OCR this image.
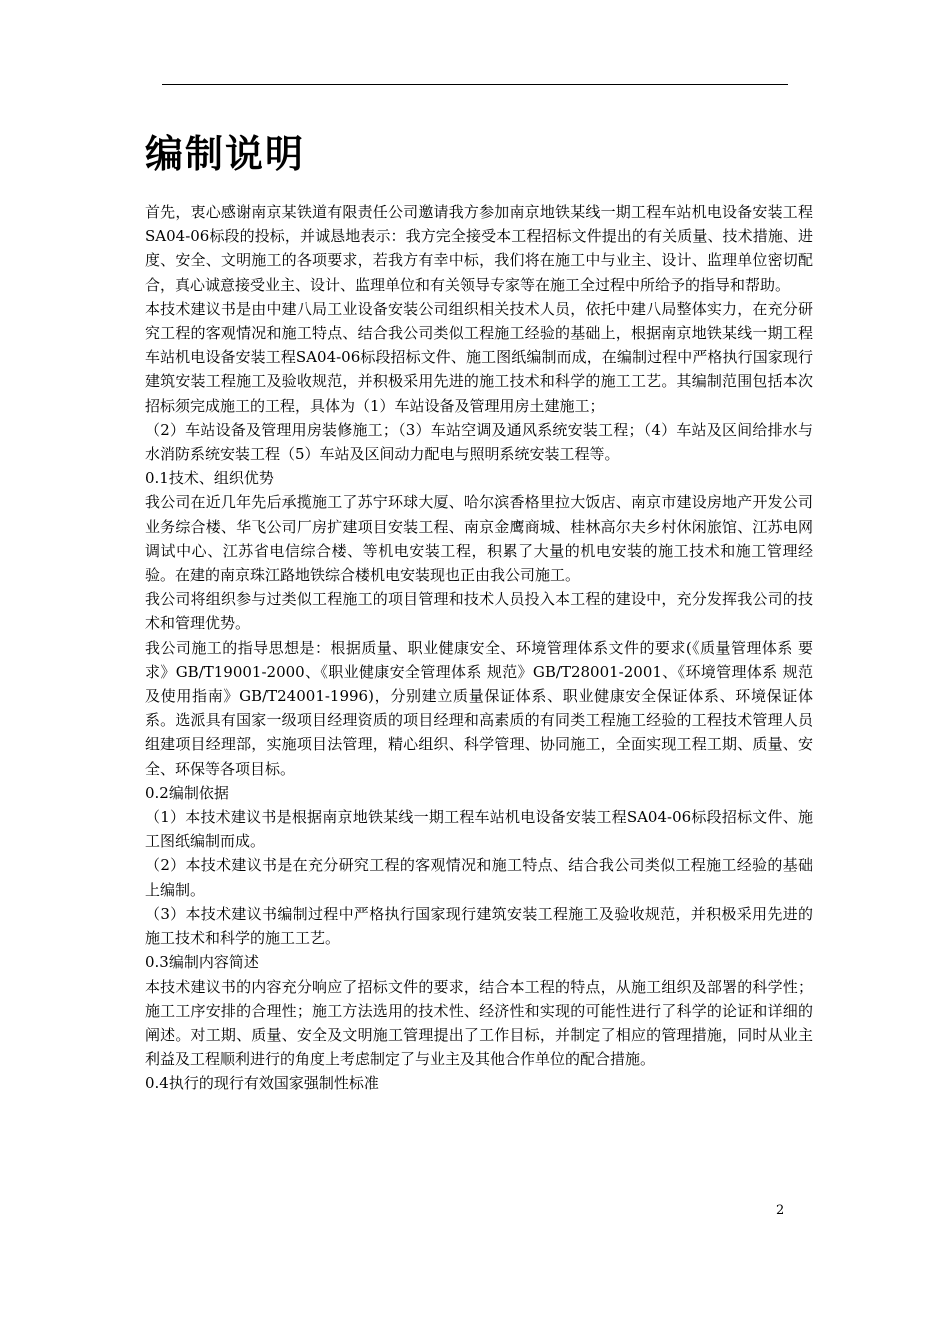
编制说明

首先，衷心感谢南京某铁道有限责任公司邀请我方参加南京地铁某线一期工程车站机电设备安装工程SA04-06标段的投标，并诚恳地表示：我方完全接受本工程招标文件提出的有关质量、技术措施、进度、安全、文明施工的各项要求，若我方有幸中标，我们将在施工中与业主、设计、监理单位密切配合，真心诚意接受业主、设计、监理单位和有关领导专家等在施工全过程中所给予的指导和帮助。

本技术建议书是由中建八局工业设备安装公司组织相关技术人员，依托中建八局整体实力，在充分研究工程的客观情况和施工特点、结合我公司类似工程施工经验的基础上，根据南京地铁某线一期工程车站机电设备安装工程SA04-06标段招标文件、施工图纸编制而成，在编制过程中严格执行国家现行建筑安装工程施工及验收规范，并积极采用先进的施工技术和科学的施工工艺。其编制范围包括本次招标须完成施工的工程，具体为（1）车站设备及管理用房土建施工；

（2）车站设备及管理用房装修施工；（3）车站空调及通风系统安装工程；（4）车站及区间给排水与水消防系统安装工程（5）车站及区间动力配电与照明系统安装工程等。

0.1技术、组织优势

我公司在近几年先后承揽施工了苏宁环球大厦、哈尔滨香格里拉大饭店、南京市建设房地产开发公司业务综合楼、华飞公司厂房扩建项目安装工程、南京金鹰商城、桂林高尔夫乡村休闲旅馆、江苏电网调试中心、江苏省电信综合楼、等机电安装工程，积累了大量的机电安装的施工技术和施工管理经验。在建的南京珠江路地铁综合楼机电安装现也正由我公司施工。

我公司将组织参与过类似工程施工的项目管理和技术人员投入本工程的建设中，充分发挥我公司的技术和管理优势。

我公司施工的指导思想是：根据质量、职业健康安全、环境管理体系文件的要求(《质量管理体系 要求》GB/T19001-2000、《职业健康安全管理体系 规范》GB/T28001-2001、《环境管理体系 规范及使用指南》GB/T24001-1996)，分别建立质量保证体系、职业健康安全保证体系、环境保证体系。选派具有国家一级项目经理资质的项目经理和高素质的有同类工程施工经验的工程技术管理人员组建项目经理部，实施项目法管理，精心组织、科学管理、协同施工，全面实现工程工期、质量、安全、环保等各项目标。

0.2编制依据

（1）本技术建议书是根据南京地铁某线一期工程车站机电设备安装工程SA04-06标段招标文件、施工图纸编制而成。

（2）本技术建议书是在充分研究工程的客观情况和施工特点、结合我公司类似工程施工经验的基础上编制。

（3）本技术建议书编制过程中严格执行国家现行建筑安装工程施工及验收规范，并积极采用先进的施工技术和科学的施工工艺。

0.3编制内容简述

本技术建议书的内容充分响应了招标文件的要求，结合本工程的特点，从施工组织及部署的科学性；施工工序安排的合理性；施工方法选用的技术性、经济性和实现的可能性进行了科学的论证和详细的阐述。对工期、质量、安全及文明施工管理提出了工作目标，并制定了相应的管理措施，同时从业主利益及工程顺利进行的角度上考虑制定了与业主及其他合作单位的配合措施。

0.4执行的现行有效国家强制性标准

2
